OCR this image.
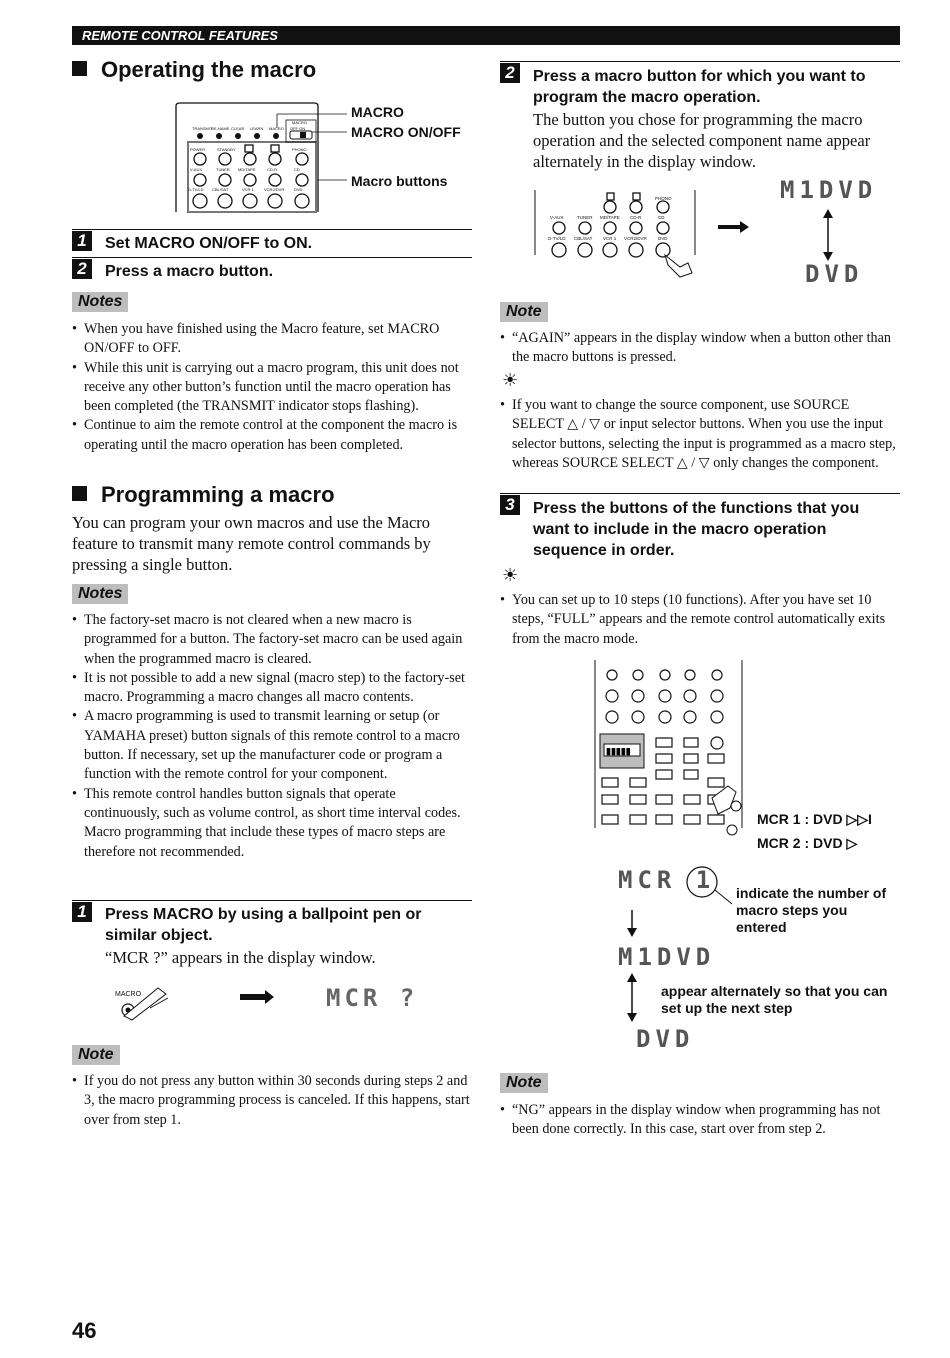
REMOTE CONTROL FEATURES
Operating the macro
TRANSMIT
RE-NAME CLEAR LEARN MACRO
MACRO
OFF ON
POWER	STANDBY	PHONO
V-AUX	TUNER MD/TAPE	CD-R	CD
D-TV/LD CBL/SAT	VCR 1	VCR2/DVR DVD
MACRO
MACRO ON/OFF
Macro buttons
1	Set MACRO ON/OFF to ON.
2	Press a macro button.
Notes
• When you have finished using the Macro feature, set MACRO ON/OFF to OFF.
• While this unit is carrying out a macro program, this unit does not receive any other button’s function until the macro operation has been completed (the TRANSMIT indicator stops flashing).
• Continue to aim the remote control at the component the macro is operating until the macro operation has been completed.
Programming a macro
You can program your own macros and use the Macro feature to transmit many remote control commands by pressing a single button.
Notes
• The factory-set macro is not cleared when a new macro is programmed for a button. The factory-set macro can be used again when the programmed macro is cleared.
• It is not possible to add a new signal (macro step) to the factory-set macro. Programming a macro changes all macro contents.
• A macro programming is used to transmit learning or setup (or YAMAHA preset) button signals of this remote control to a macro button. If necessary, set up the manufacturer code or program a function with the remote control for your component.
• This remote control handles button signals that operate continuously, such as volume control, as short time interval codes. Macro programming that include these types of macro steps are therefore not recommended.
1	Press MACRO by using a ballpoint pen or similar object.
“MCR ?” appears in the display window.
MACRO	MCR ?
Note
• If you do not press any button within 30 seconds during steps 2 and 3, the macro programming process is canceled. If this happens, start over from step 1.
46
2	Press a macro button for which you want to program the macro operation.
The button you chose for programming the macro operation and the selected component name appear alternately in the display window.
PHONO
V-AUX	TUNER MD/TAPE CD-R	CD
D-TV/LD CBL/SAT VCR 1 VCR2/DVR DVD
M1DVD
DVD
Note
• “AGAIN” appears in the display window when a button other than the macro buttons is pressed.
☀
• If you want to change the source component, use SOURCE SELECT △ / ▽ or input selector buttons. When you use the input selector buttons, selecting the input is programmed as a macro step, whereas SOURCE SELECT △ / ▽ only changes the component.
3	Press the buttons of the functions that you want to include in the macro operation sequence in order.
☀
• You can set up to 10 steps (10 functions). After you have set 10 steps, “FULL” appears and the remote control automatically exits from the macro mode.
▮▮▮▮▮
MCR 1 : DVD ▷▷I
MCR 2 : DVD ▷
MCR 1 indicate the number of macro steps you entered
M1DVD
appear alternately so that you can set up the next step
DVD
Note
• “NG” appears in the display window when programming has not been done correctly. In this case, start over from step 2.
